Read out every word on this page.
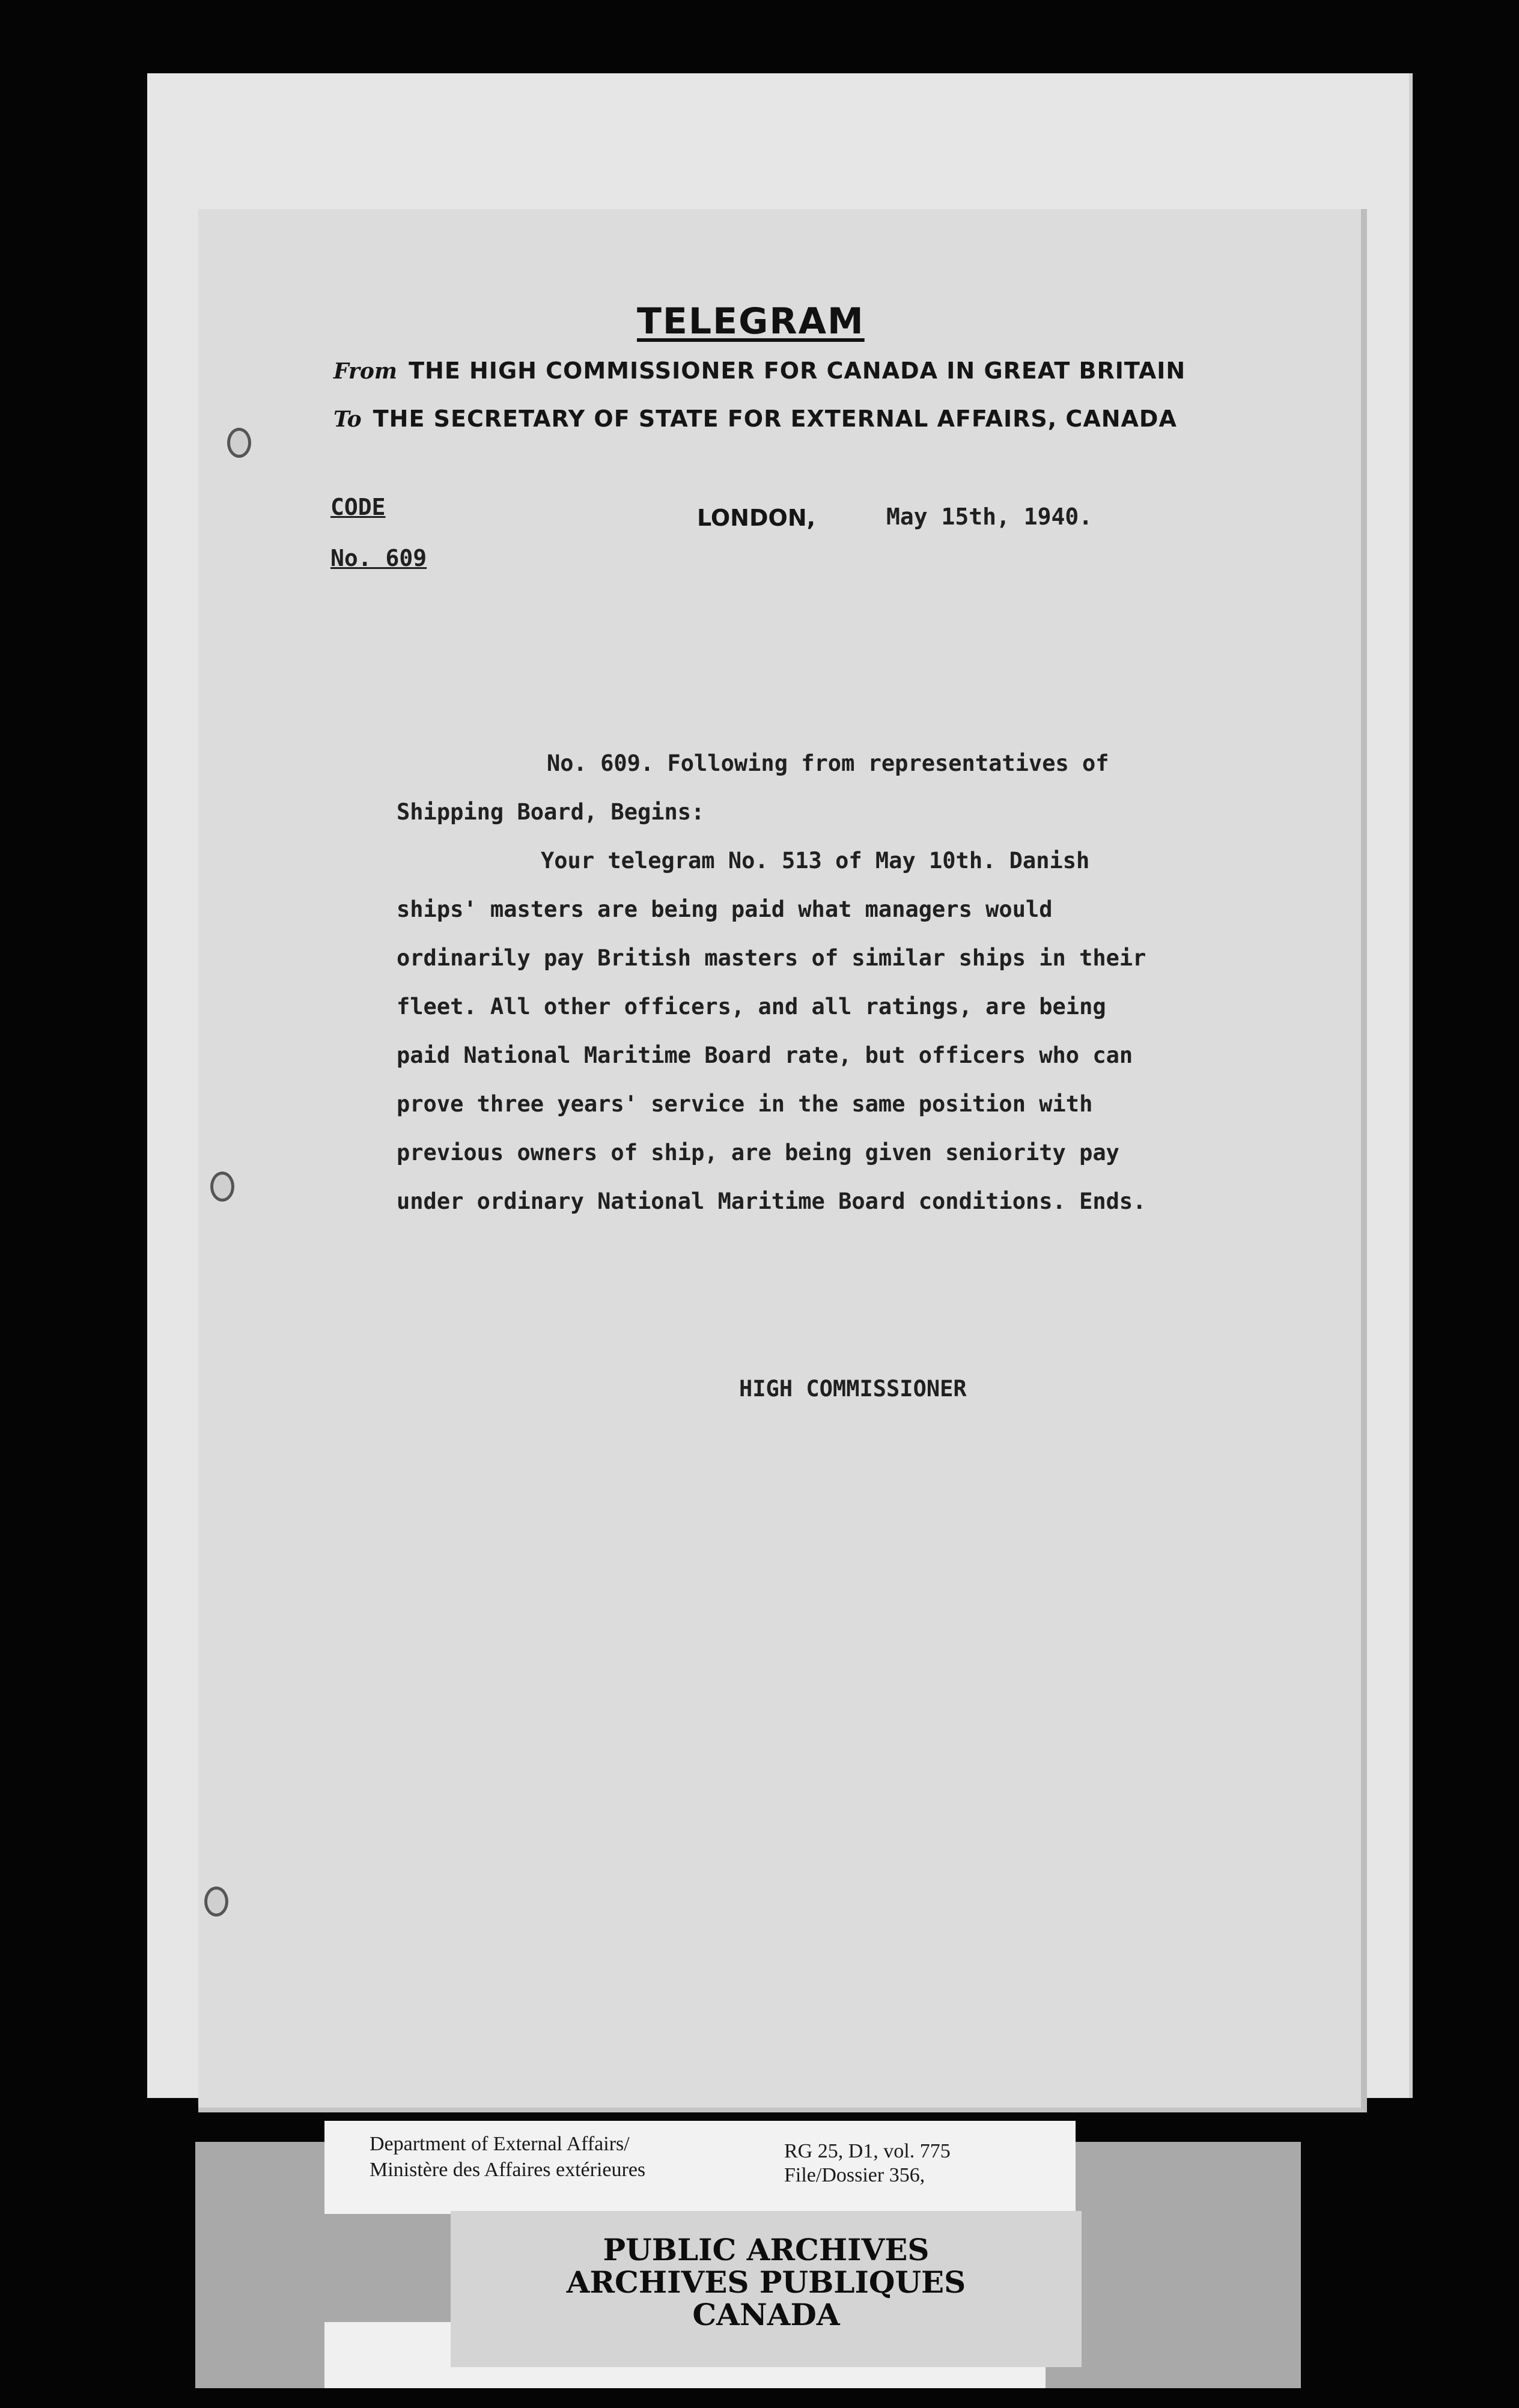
TELEGRAM
From THE HIGH COMMISSIONER FOR CANADA IN GREAT BRITAIN
To THE SECRETARY OF STATE FOR EXTERNAL AFFAIRS, CANADA
CODE
No. 609
LONDON,	May 15th, 1940.
No. 609. Following from representatives of
Shipping Board, Begins:
Your telegram No. 513 of May 10th. Danish
ships' masters are being paid what managers would
ordinarily pay British masters of similar ships in their
fleet. All other officers, and all ratings, are being
paid National Maritime Board rate, but officers who can
prove three years' service in the same position with
previous owners of ship, are being given seniority pay
under ordinary National Maritime Board conditions. Ends.
HIGH COMMISSIONER
Department of External Affairs/
Ministère des Affaires extérieures
RG 25, D1, vol. 775
File/Dossier 356,
PUBLIC ARCHIVES
ARCHIVES PUBLIQUES
CANADA
